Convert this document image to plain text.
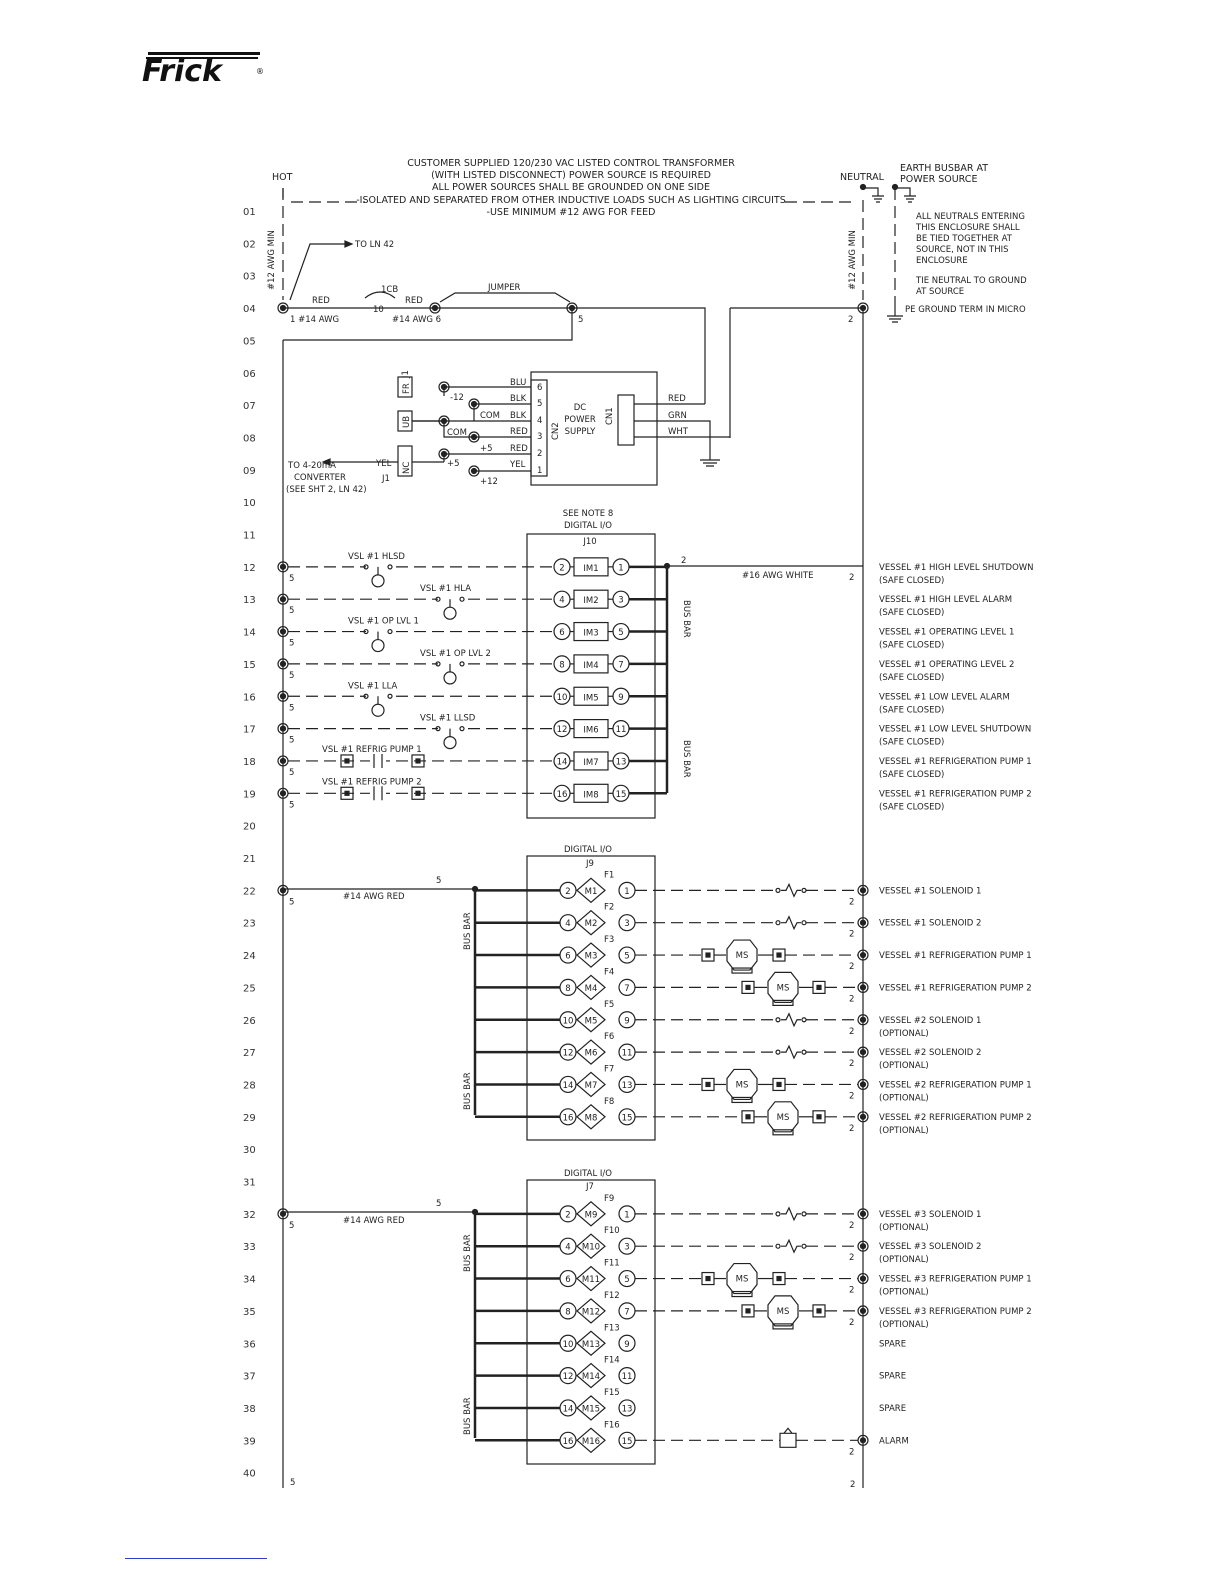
Frick	®
HOT	NEUTRAL
EARTH BUSBAR AT
POWER SOURCE
CUSTOMER SUPPLIED 120/230 VAC LISTED CONTROL TRANSFORMER
(WITH LISTED DISCONNECT) POWER SOURCE IS REQUIRED
ALL POWER SOURCES SHALL BE GROUNDED ON ONE SIDE
-ISOLATED AND SEPARATED FROM OTHER INDUCTIVE LOADS SUCH AS LIGHTING CIRCUITS
-USE MINIMUM #12 AWG FOR FEED	ALL NEUTRALS ENTERING
THIS ENCLOSURE SHALL
BE TIED TOGETHER AT
SOURCE, NOT IN THIS
ENCLOSURE
TIE NEUTRAL TO GROUND
AT SOURCE
PE GROUND TERM IN MICRO
#12 AWG MIN	#12 AWG MIN
TO LN 42
RED	RED
1CB
1 #14 AWG	#14 AWG 6
10
JUMPER
5	2
DC
POWER
SUPPLY
CN2
CN1
J1
FR
UB
NC
BLU
BLK
BLK
RED
RED
YEL
-12
COM
COM
+5
+5
+12
6
5
4
3
2
1
RED
GRN
WHT
YEL
J1
TO 4-20mA
CONVERTER
(SEE SHT 2, LN 42)
SEE NOTE 8
DIGITAL I/O
J10
DIGITAL I/O
J9
DIGITAL I/O
J7
#16 AWG WHITE
#14 AWG RED
#14 AWG RED
BUS BAR
BUS BAR
BUS BAR
BUS BAR
BUS BAR
BUS BAR
2
5
5
5	2
01
02
03
04
05
06
07
08
09
10
11
12
13
14
15
16
17
18
19
20
21
22
23
24
25
26
27
28
29
30
31
32
33
34
35
36
37
38
39
40
5
VSL #1 HLSD
2 IM1 1	VESSEL #1 HIGH LEVEL SHUTDOWN
(SAFE CLOSED)
2
5
VSL #1 HLA
4 IM2 3	VESSEL #1 HIGH LEVEL ALARM
(SAFE CLOSED)
5
VSL #1 OP LVL 1
6 IM3 5	VESSEL #1 OPERATING LEVEL 1
(SAFE CLOSED)
5
VSL #1 OP LVL 2
8 IM4 7	VESSEL #1 OPERATING LEVEL 2
(SAFE CLOSED)
5
VSL #1 LLA
10 IM5 9	VESSEL #1 LOW LEVEL ALARM
(SAFE CLOSED)
5
VSL #1 LLSD
12 IM6 11	VESSEL #1 LOW LEVEL SHUTDOWN
(SAFE CLOSED)
5
VSL #1 REFRIG PUMP 1
14 IM7 13	VESSEL #1 REFRIGERATION PUMP 1
(SAFE CLOSED)
5
VSL #1 REFRIG PUMP 2
16 IM8 15	VESSEL #1 REFRIGERATION PUMP 2
(SAFE CLOSED)
5
2 M1
F1
1
2
VESSEL #1 SOLENOID 1
4 M2
F2
3
2
VESSEL #1 SOLENOID 2
6 M3
F3
5	MS
2
VESSEL #1 REFRIGERATION PUMP 1
8 M4
F4
7	MS
2
VESSEL #1 REFRIGERATION PUMP 2
10 M5
F5
9
2
VESSEL #2 SOLENOID 1
(OPTIONAL)
12 M6
F6
11
2
VESSEL #2 SOLENOID 2
(OPTIONAL)
14 M7
F7
13	MS
2
VESSEL #2 REFRIGERATION PUMP 1
(OPTIONAL)
16 M8
F8
15	MS
2
VESSEL #2 REFRIGERATION PUMP 2
(OPTIONAL)
5
2 M9
F9
1
2
VESSEL #3 SOLENOID 1
(OPTIONAL)
4 M10
F10
3
2
VESSEL #3 SOLENOID 2
(OPTIONAL)
6 M11
F11
5	MS
2
VESSEL #3 REFRIGERATION PUMP 1
(OPTIONAL)
8 M12
F12
7	MS
2
VESSEL #3 REFRIGERATION PUMP 2
(OPTIONAL)
10 M13
F13
9	SPARE
12 M14
F14
11	SPARE
14 M15
F15
13	SPARE
16 M16
F16
15
2
ALARM
